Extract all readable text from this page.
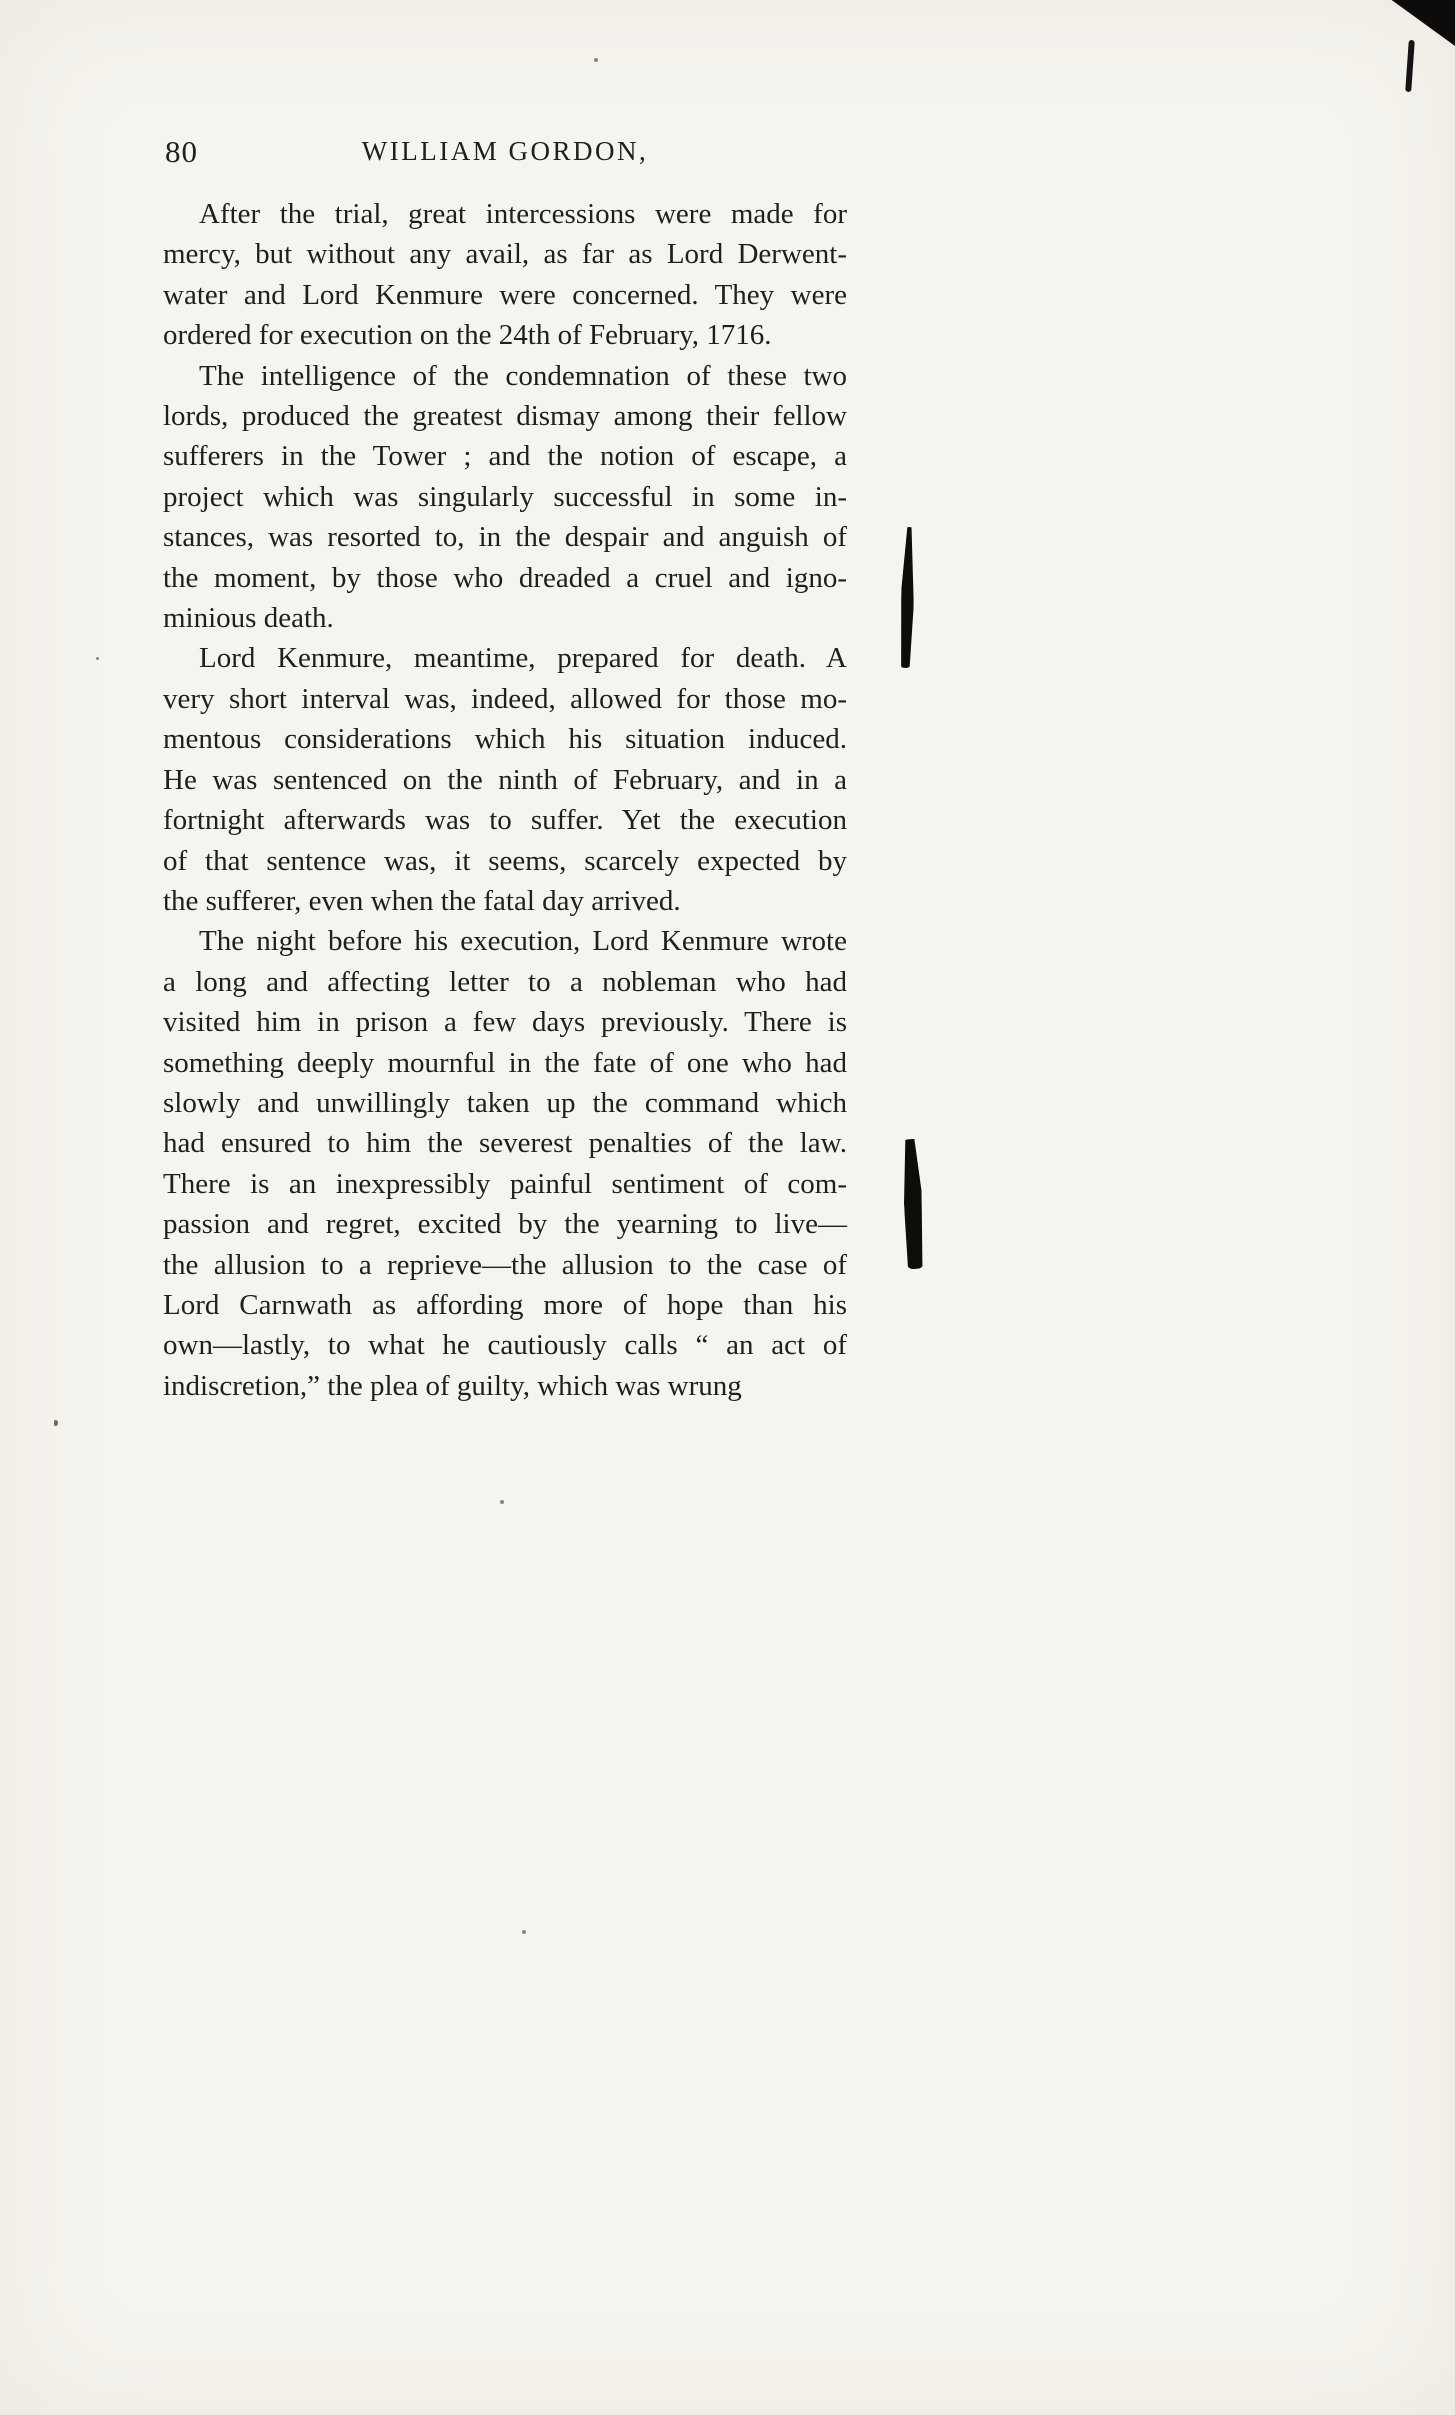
80	WILLIAM GORDON,
After the trial, great intercessions were made for
mercy, but without any avail, as far as Lord Derwent-
water and Lord Kenmure were concerned. They were
ordered for execution on the 24th of February, 1716.
The intelligence of the condemnation of these two
lords, produced the greatest dismay among their fellow
sufferers in the Tower ; and the notion of escape, a
project which was singularly successful in some in-
stances, was resorted to, in the despair and anguish of
the moment, by those who dreaded a cruel and igno-
minious death.
Lord Kenmure, meantime, prepared for death. A
very short interval was, indeed, allowed for those mo-
mentous considerations which his situation induced.
He was sentenced on the ninth of February, and in a
fortnight afterwards was to suffer. Yet the execution
of that sentence was, it seems, scarcely expected by
the sufferer, even when the fatal day arrived.
The night before his execution, Lord Kenmure wrote
a long and affecting letter to a nobleman who had
visited him in prison a few days previously. There is
something deeply mournful in the fate of one who had
slowly and unwillingly taken up the command which
had ensured to him the severest penalties of the law.
There is an inexpressibly painful sentiment of com-
passion and regret, excited by the yearning to live—
the allusion to a reprieve—the allusion to the case of
Lord Carnwath as affording more of hope than his
own—lastly, to what he cautiously calls “ an act of
indiscretion,” the plea of guilty, which was wrung
